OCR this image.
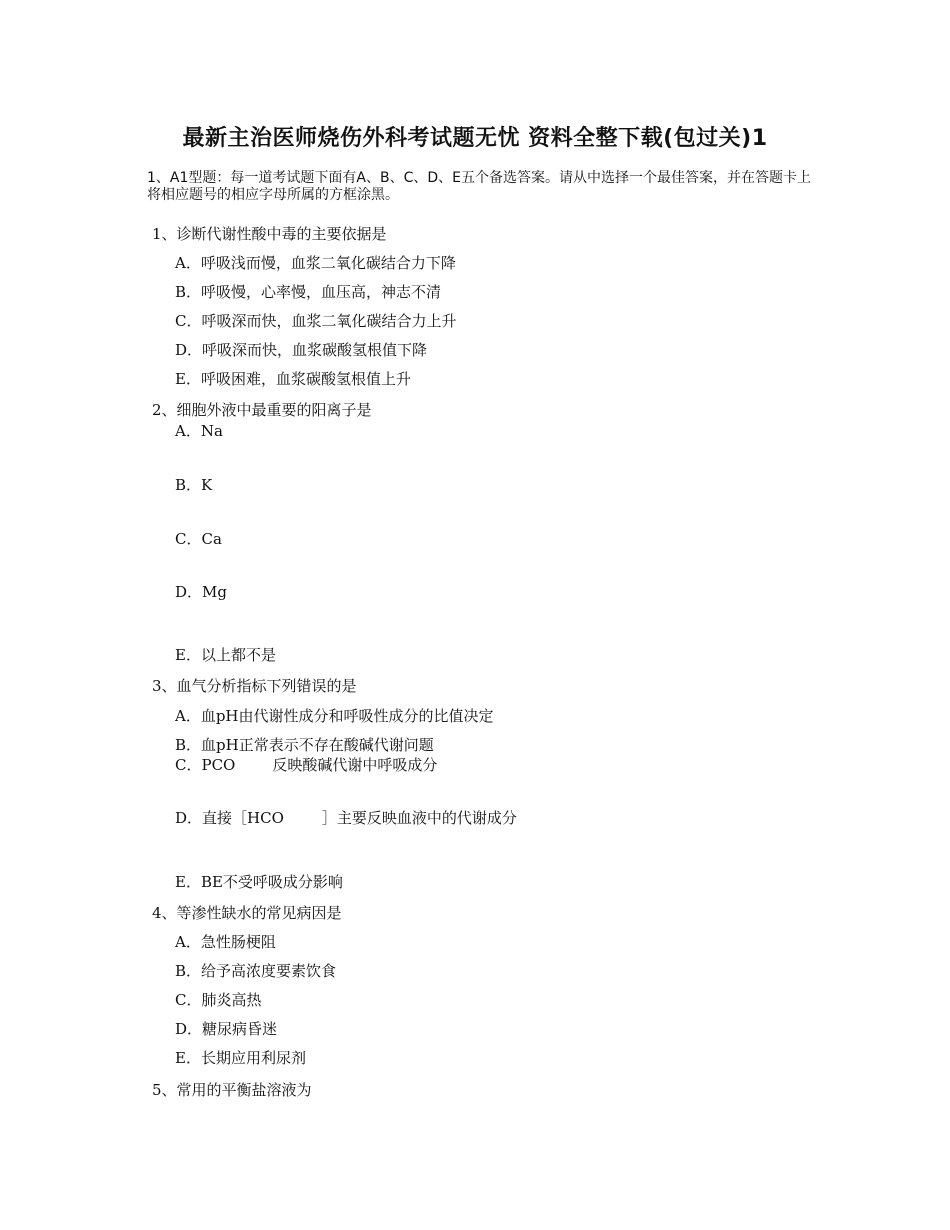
最新主治医师烧伤外科考试题无忧 资料全整下载(包过关)1
1、A1型题：每一道考试题下面有A、B、C、D、E五个备选答案。请从中选择一个最佳答案，并在答题卡上将相应题号的相应字母所属的方框涂黑。
1、诊断代谢性酸中毒的主要依据是
A．呼吸浅而慢，血浆二氧化碳结合力下降
B．呼吸慢，心率慢，血压高，神志不清
C．呼吸深而快，血浆二氧化碳结合力上升
D．呼吸深而快，血浆碳酸氢根值下降
E．呼吸困难，血浆碳酸氢根值上升
2、细胞外液中最重要的阳离子是
A．Na
B．K
C．Ca
D．Mg
E．以上都不是
3、血气分析指标下列错误的是
A．血pH由代谢性成分和呼吸性成分的比值决定
B．血pH正常表示不存在酸碱代谢问题
C．PCO 反映酸碱代谢中呼吸成分
D．直接［HCO	］主要反映血液中的代谢成分
E．BE不受呼吸成分影响
4、等渗性缺水的常见病因是
A．急性肠梗阻
B．给予高浓度要素饮食
C．肺炎高热
D．糖尿病昏迷
E．长期应用利尿剂
5、常用的平衡盐溶液为
